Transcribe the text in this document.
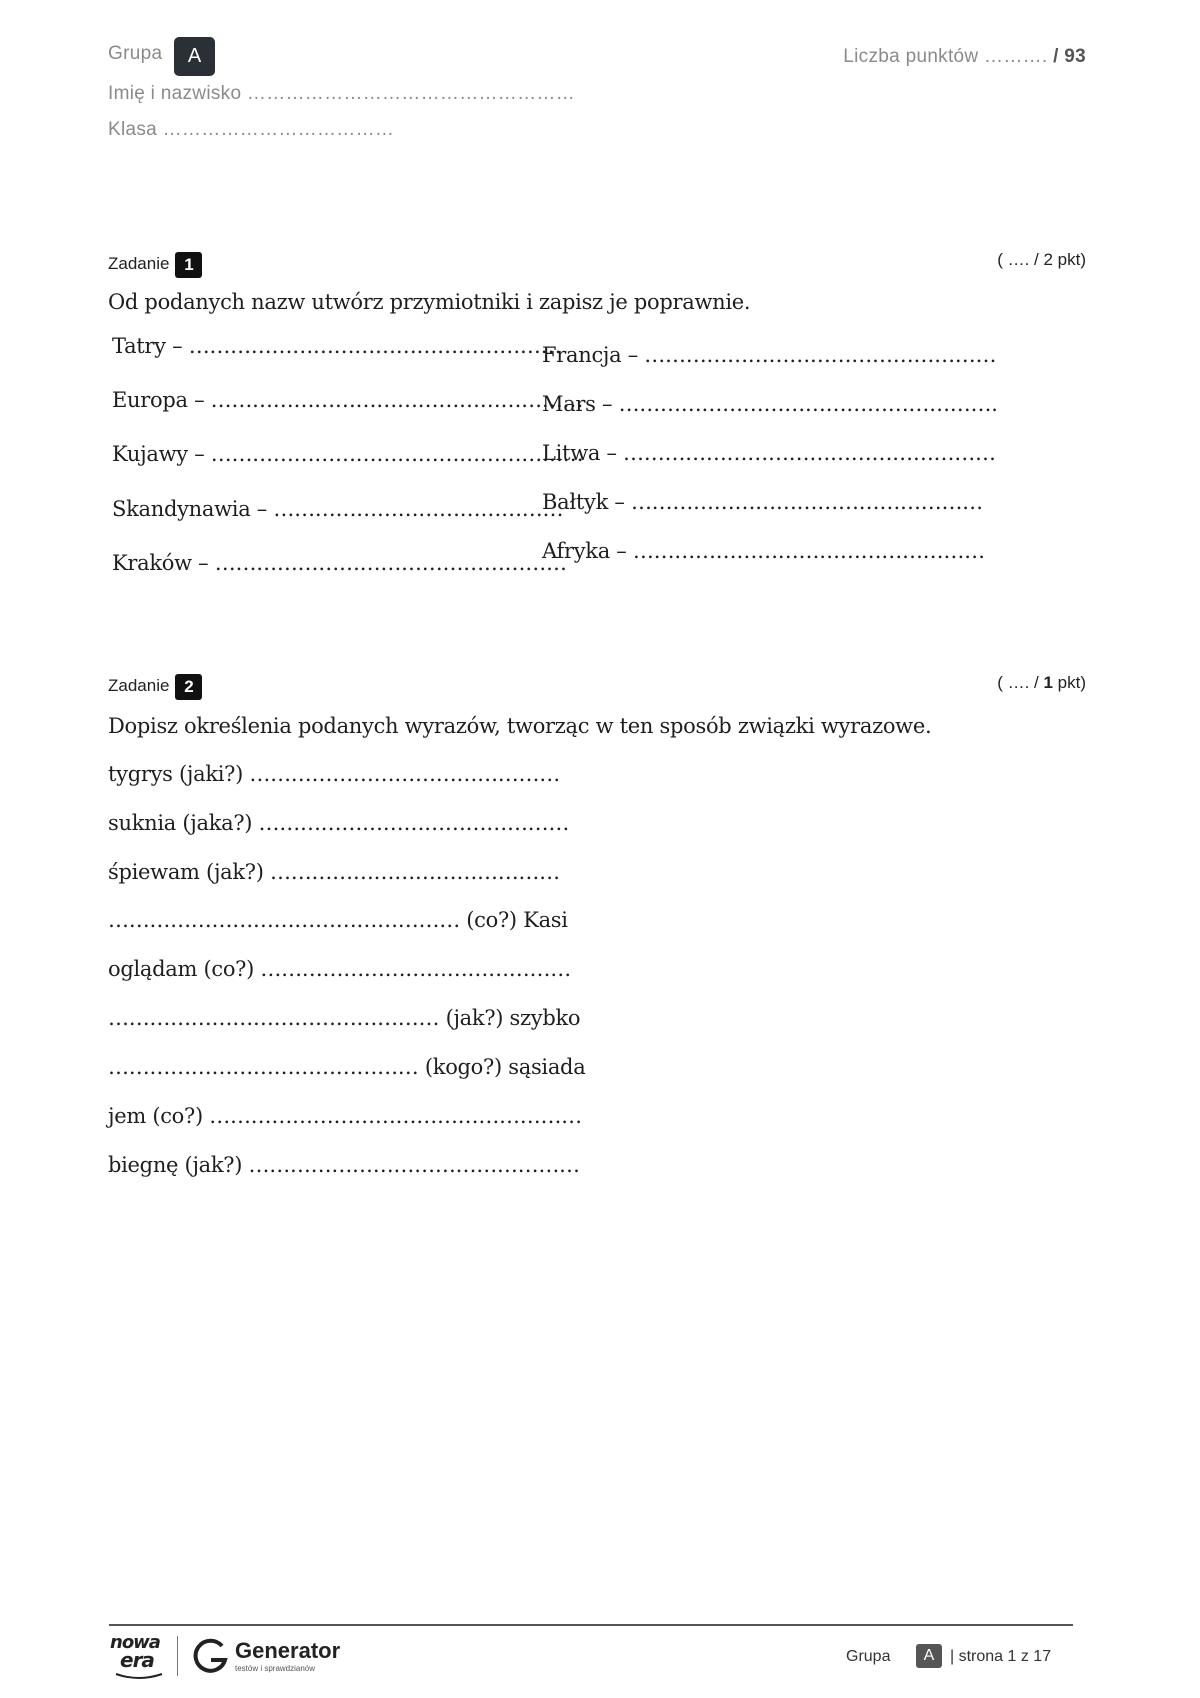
Grupa	A
Imię i nazwisko ……………………………………………
Klasa ………………………………
Liczba punktów ………. / 93
Zadanie 1	( …. / 2 pkt)
Od podanych nazw utwórz przymiotniki i zapisz je poprawnie.
Tatry – ………………………………………………
Europa – ………………………………………………
Kujawy – ………………………………………………
Skandynawia – ……………………………………
Kraków – ……………………………………………
Francja – ……………………………………………
Mars – ……………………………………………….
Litwa – ………………………………………………
Bałtyk – ……………………………………………
Afryka – ……………………………………………
Zadanie 2	( …. / 1 pkt)
Dopisz określenia podanych wyrazów, tworząc w ten sposób związki wyrazowe.
tygrys (jaki?) ………………………………………
suknia (jaka?) ………………………………………
śpiewam (jak?) ……………………………………
…………………………………………… (co?) Kasi
oglądam (co?) ………………………………………
………………………………………… (jak?) szybko
……………………………………… (kogo?) sąsiada
jem (co?) ………………………………………………
biegnę (jak?) …………………………………………
nowa
era	Generator
testów i sprawdzianów
Grupa	A | strona 1 z 17
